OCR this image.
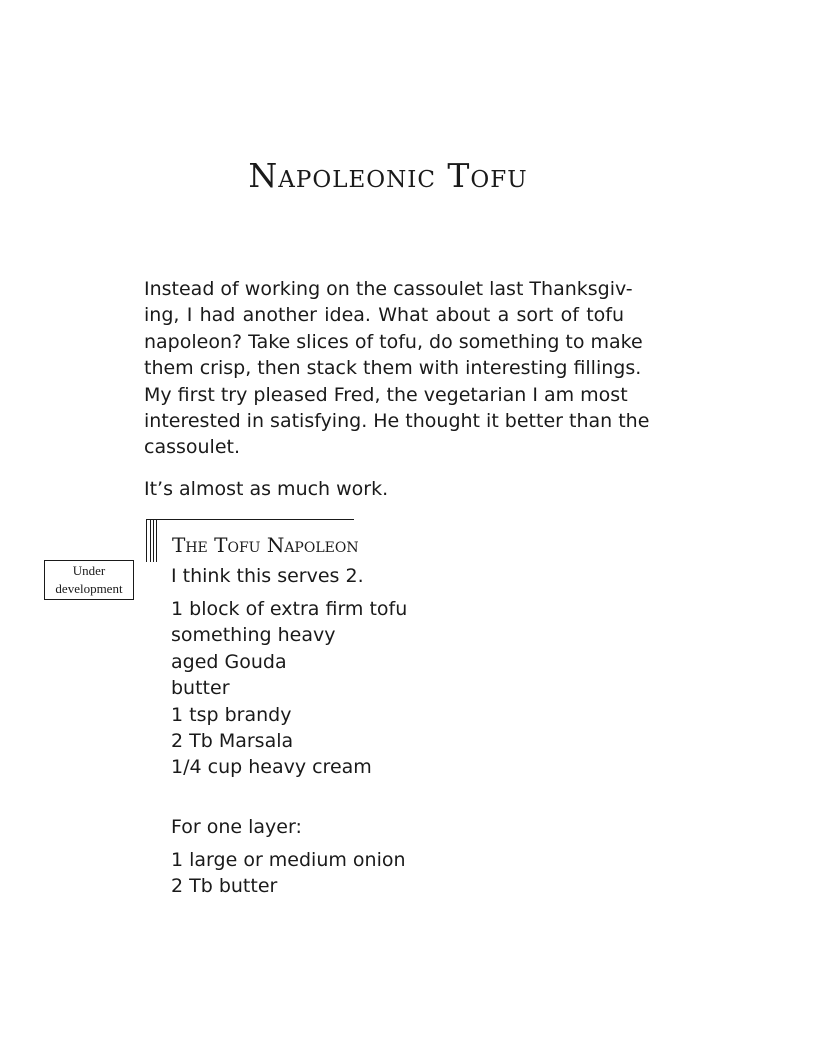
Napoleonic Tofu
Instead of working on the cassoulet last Thanksgiv-
ing, I had another idea. What about a sort of tofu
napoleon? Take slices of tofu, do something to make
them crisp, then stack them with interesting fillings.
My first try pleased Fred, the vegetarian I am most
interested in satisfying. He thought it better than the
cassoulet.

It’s almost as much work.

The Tofu Napoleon
Under
development

I think this serves 2.

1 block of extra firm tofu
something heavy
aged Gouda
butter
1 tsp brandy
2 Tb Marsala
1/4 cup heavy cream

For one layer:

1 large or medium onion
2 Tb butter
